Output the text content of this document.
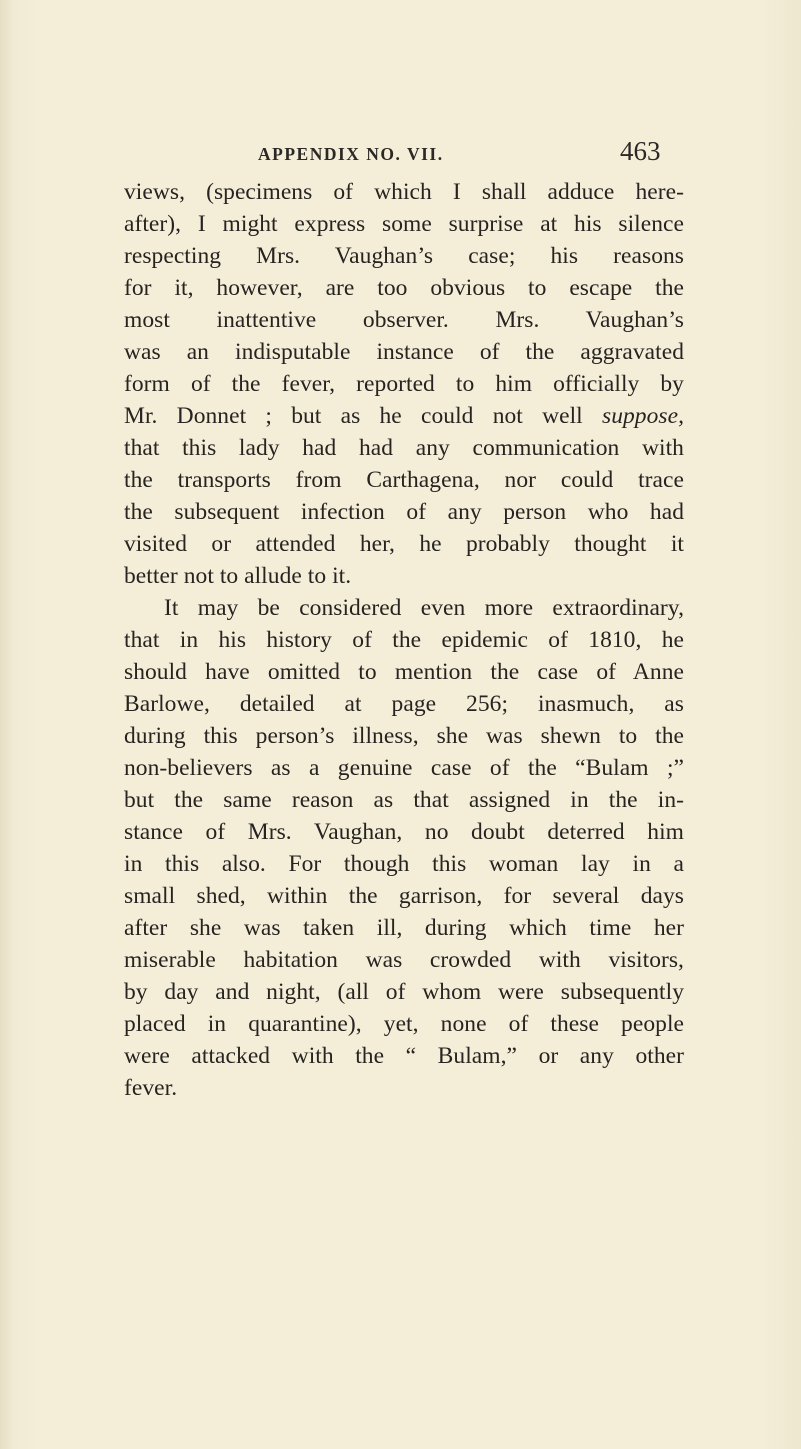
APPENDIX NO. VII.	463
views, (specimens of which I shall adduce here-
after), I might express some surprise at his silence
respecting Mrs. Vaughan’s case; his reasons
for it, however, are too obvious to escape the
most inattentive observer. Mrs. Vaughan’s
was an indisputable instance of the aggravated
form of the fever, reported to him officially by
Mr. Donnet ; but as he could not well suppose,
that this lady had had any communication with
the transports from Carthagena, nor could trace
the subsequent infection of any person who had
visited or attended her, he probably thought it
better not to allude to it.
It may be considered even more extraordinary,
that in his history of the epidemic of 1810, he
should have omitted to mention the case of Anne
Barlowe, detailed at page 256; inasmuch, as
during this person’s illness, she was shewn to the
non-believers as a genuine case of the “Bulam ;”
but the same reason as that assigned in the in-
stance of Mrs. Vaughan, no doubt deterred him
in this also. For though this woman lay in a
small shed, within the garrison, for several days
after she was taken ill, during which time her
miserable habitation was crowded with visitors,
by day and night, (all of whom were subsequently
placed in quarantine), yet, none of these people
were attacked with the “ Bulam,” or any other
fever.
